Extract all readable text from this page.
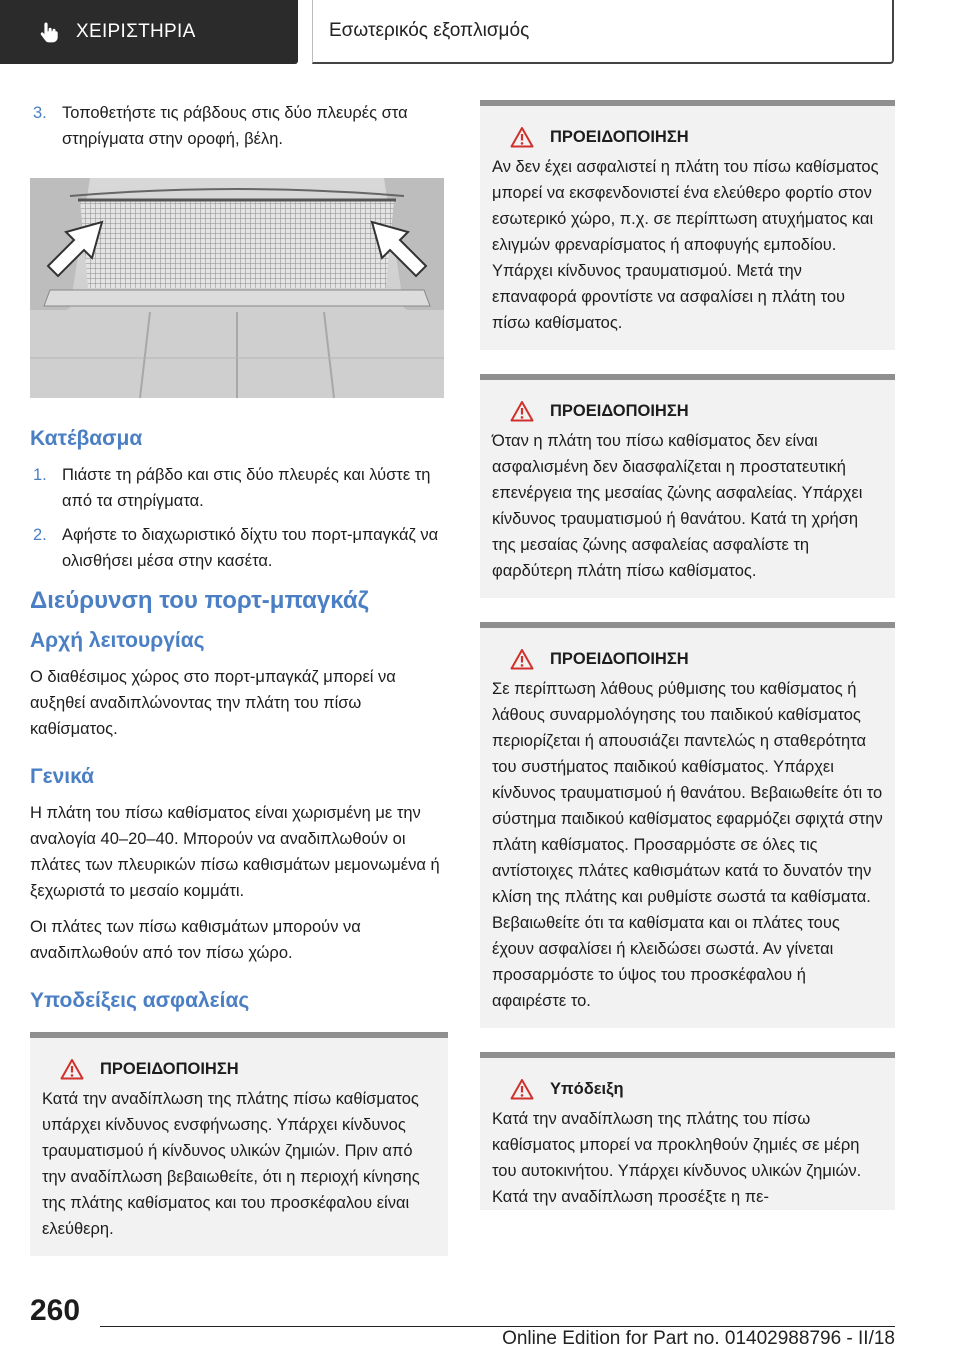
ΧΕΙΡΙΣΤΗΡΙΑ	Εσωτερικός εξοπλισμός
3. Τοποθετήστε τις ράβδους στις δύο πλευρές στα στηρίγματα στην οροφή, βέλη.
Κατέβασμα
1. Πιάστε τη ράβδο και στις δύο πλευρές και λύστε τη από τα στηρίγματα.
2. Αφήστε το διαχωριστικό δίχτυ του πορτ-μπαγκάζ να ολισθήσει μέσα στην κασέτα.
Διεύρυνση του πορτ-μπαγκάζ
Αρχή λειτουργίας

Ο διαθέσιμος χώρος στο πορτ-μπαγκάζ μπορεί να αυξηθεί αναδιπλώνοντας την πλάτη του πίσω καθίσματος.

Γενικά

Η πλάτη του πίσω καθίσματος είναι χωρισμένη με την αναλογία 40–20–40. Μπορούν να αναδιπλωθούν οι πλάτες των πλευρικών πίσω καθισμάτων μεμονωμένα ή ξεχωριστά το μεσαίο κομμάτι.

Οι πλάτες των πίσω καθισμάτων μπορούν να αναδιπλωθούν από τον πίσω χώρο.

Υποδείξεις ασφαλείας
ΠΡΟΕΙΔΟΠΟΙΗΣΗ
Κατά την αναδίπλωση της πλάτης πίσω καθίσματος υπάρχει κίνδυνος ενσφήνωσης. Υπάρχει κίνδυνος τραυματισμού ή κίνδυνος υλικών ζημιών. Πριν από την αναδίπλωση βεβαιωθείτε, ότι η περιοχή κίνησης της πλάτης καθίσματος και του προσκέφαλου είναι ελεύθερη.
ΠΡΟΕΙΔΟΠΟΙΗΣΗ
Αν δεν έχει ασφαλιστεί η πλάτη του πίσω καθίσματος μπορεί να εκσφενδονιστεί ένα ελεύθερο φορτίο στον εσωτερικό χώρο, π.χ. σε περίπτωση ατυχήματος και ελιγμών φρεναρίσματος ή αποφυγής εμποδίου. Υπάρχει κίνδυνος τραυματισμού. Μετά την επαναφορά φροντίστε να ασφαλίσει η πλάτη του πίσω καθίσματος.
ΠΡΟΕΙΔΟΠΟΙΗΣΗ
Όταν η πλάτη του πίσω καθίσματος δεν είναι ασφαλισμένη δεν διασφαλίζεται η προστατευτική επενέργεια της μεσαίας ζώνης ασφαλείας. Υπάρχει κίνδυνος τραυματισμού ή θανάτου. Κατά τη χρήση της μεσαίας ζώνης ασφαλείας ασφαλίστε τη φαρδύτερη πλάτη πίσω καθίσματος.
ΠΡΟΕΙΔΟΠΟΙΗΣΗ
Σε περίπτωση λάθους ρύθμισης του καθίσματος ή λάθους συναρμολόγησης του παιδικού καθίσματος περιορίζεται ή απουσιάζει παντελώς η σταθερότητα του συστήματος παιδικού καθίσματος. Υπάρχει κίνδυνος τραυματισμού ή θανάτου. Βεβαιωθείτε ότι το σύστημα παιδικού καθίσματος εφαρμόζει σφιχτά στην πλάτη καθίσματος. Προσαρμόστε σε όλες τις αντίστοιχες πλάτες καθισμάτων κατά το δυνατόν την κλίση της πλάτης και ρυθμίστε σωστά τα καθίσματα. Βεβαιωθείτε ότι τα καθίσματα και οι πλάτες τους έχουν ασφαλίσει ή κλειδώσει σωστά. Αν γίνεται προσαρμόστε το ύψος του προσκέφαλου ή αφαιρέστε το.
Υπόδειξη
Κατά την αναδίπλωση της πλάτης του πίσω καθίσματος μπορεί να προκληθούν ζημιές σε μέρη του αυτοκινήτου. Υπάρχει κίνδυνος υλικών ζημιών. Κατά την αναδίπλωση προσέξτε η πε-
260
Online Edition for Part no. 01402988796 - II/18
